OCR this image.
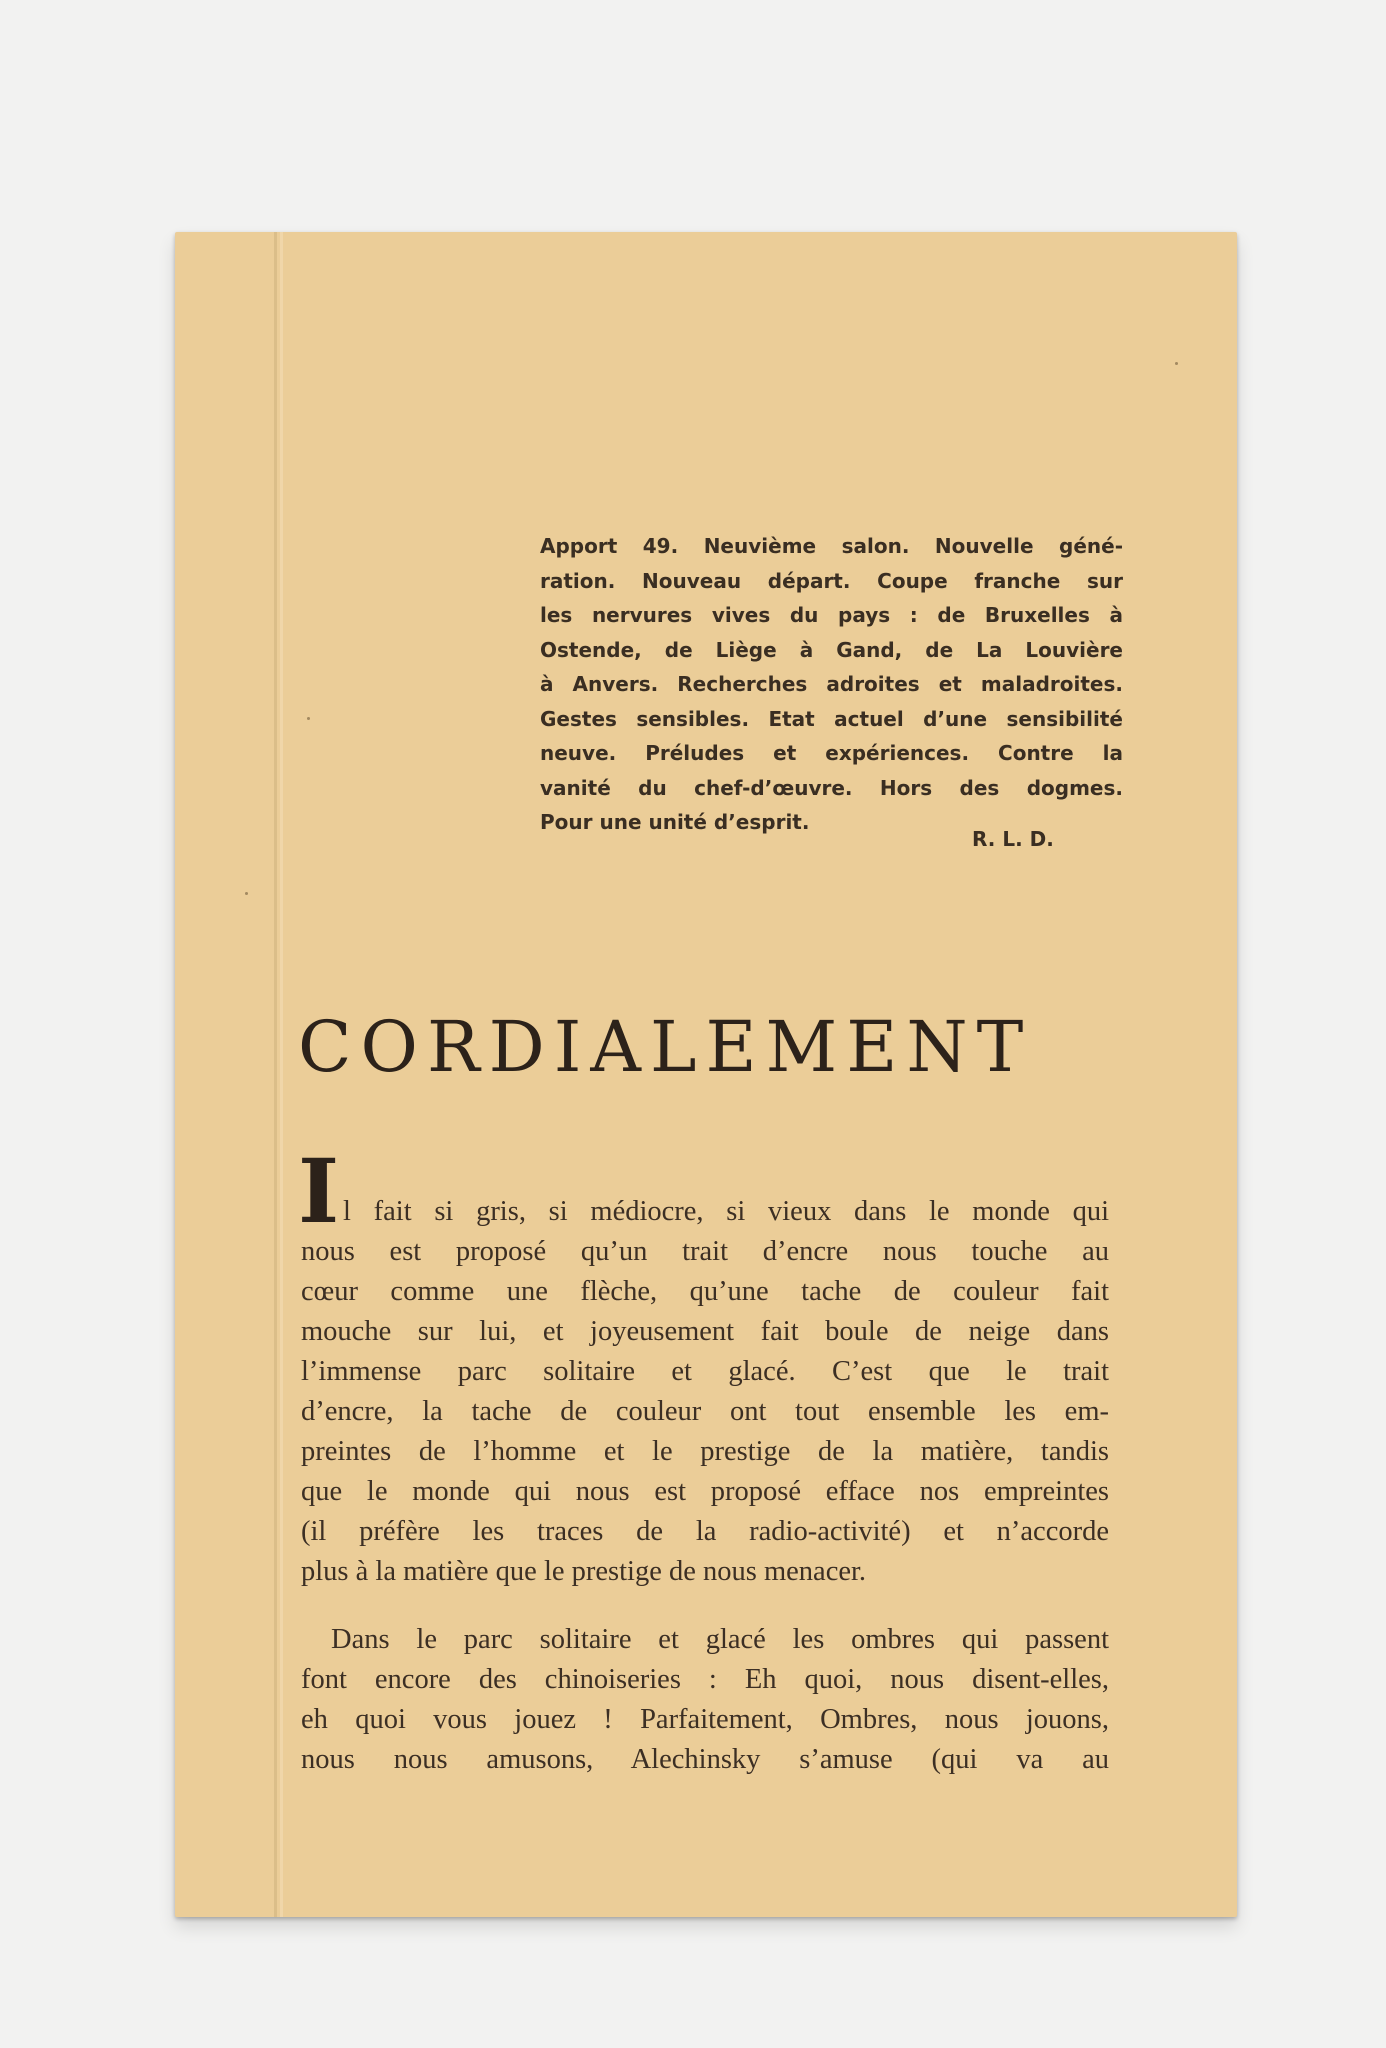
Apport 49. Neuvième salon. Nouvelle géné-
ration. Nouveau départ. Coupe franche sur
les nervures vives du pays : de Bruxelles à
Ostende, de Liège à Gand, de La Louvière
à Anvers. Recherches adroites et maladroites.
Gestes sensibles. Etat actuel d’une sensibilité
neuve. Préludes et expériences. Contre la
vanité du chef-d’œuvre. Hors des dogmes.
Pour une unité d’esprit.
R. L. D.
CORDIALEMENT
I l fait si gris, si médiocre, si vieux dans le monde qui
nous est proposé qu’un trait d’encre nous touche au
cœur comme une flèche, qu’une tache de couleur fait
mouche sur lui, et joyeusement fait boule de neige dans
l’immense parc solitaire et glacé. C’est que le trait
d’encre, la tache de couleur ont tout ensemble les em-
preintes de l’homme et le prestige de la matière, tandis
que le monde qui nous est proposé efface nos empreintes
(il préfère les traces de la radio-activité) et n’accorde
plus à la matière que le prestige de nous menacer.
Dans le parc solitaire et glacé les ombres qui passent
font encore des chinoiseries : Eh quoi, nous disent-elles,
eh quoi vous jouez ! Parfaitement, Ombres, nous jouons,
nous nous amusons, Alechinsky s’amuse (qui va au
